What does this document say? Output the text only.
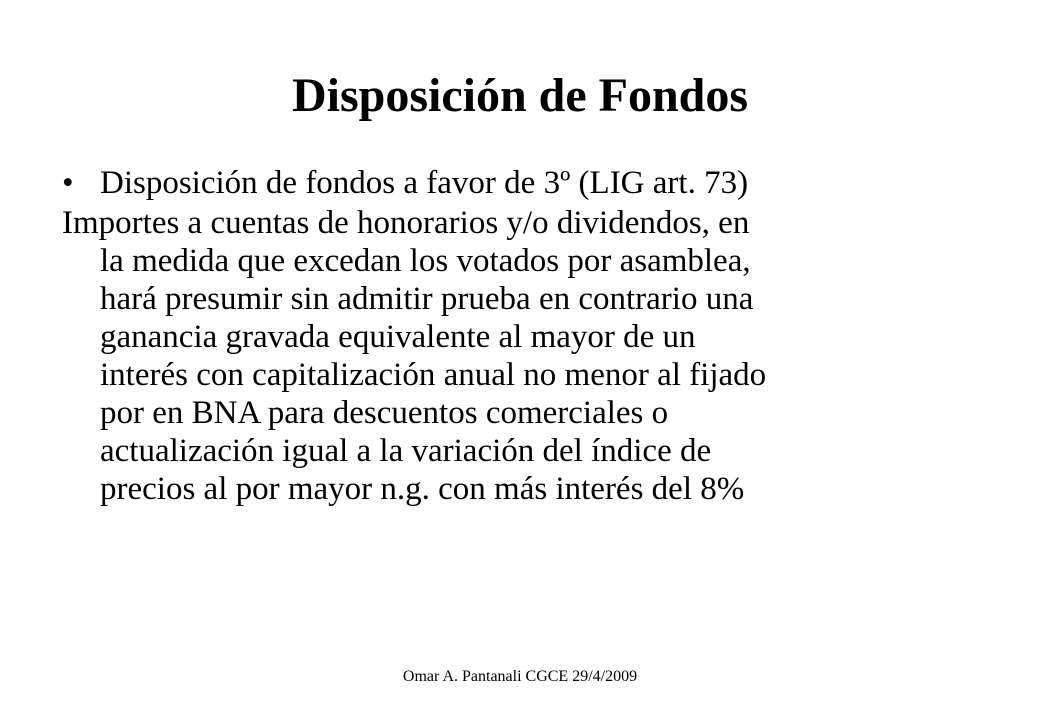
Disposición de Fondos
• Disposición de fondos a favor de 3º (LIG art. 73)

Importes a cuentas de honorarios y/o dividendos, en
la medida que excedan los votados por asamblea,
hará presumir sin admitir prueba en contrario una
ganancia gravada equivalente al mayor de un
interés con capitalización anual no menor al fijado
por en BNA para descuentos comerciales o
actualización igual a la variación del índice de
precios al por mayor n.g. con más interés del 8%

Omar A. Pantanali CGCE 29/4/2009
